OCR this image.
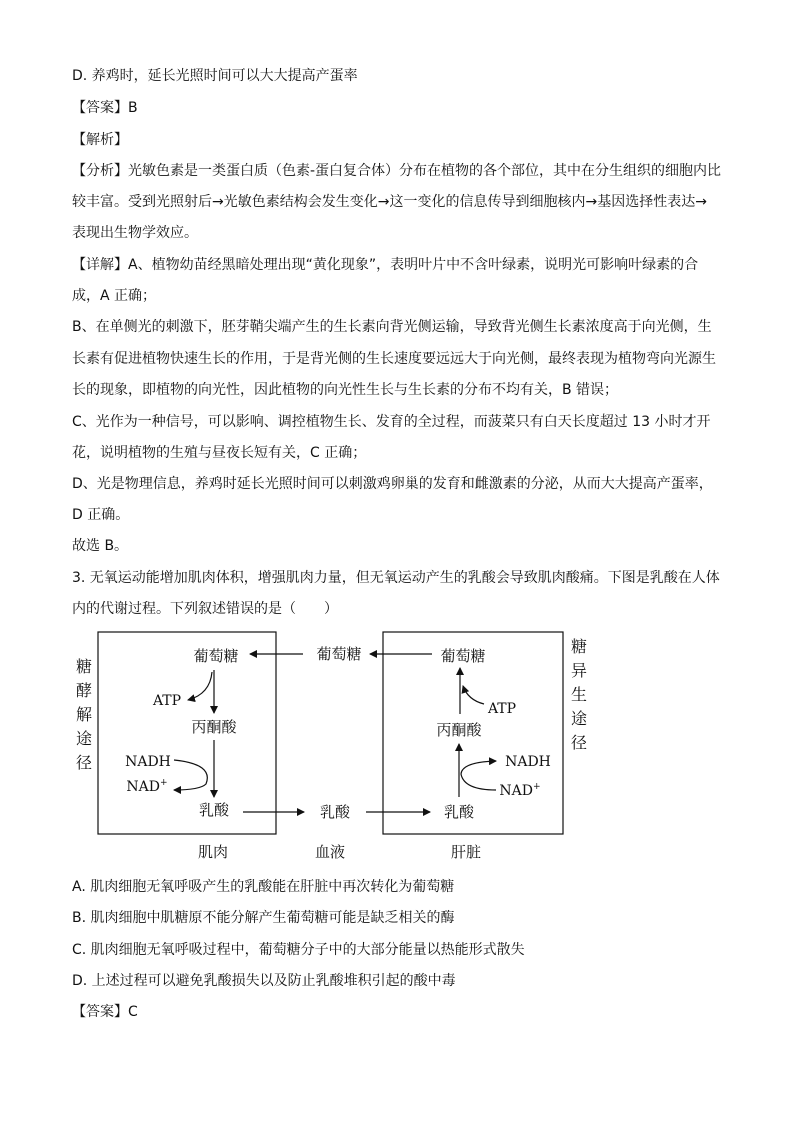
D. 养鸡时，延长光照时间可以大大提高产蛋率
【答案】B
【解析】
【分析】光敏色素是一类蛋白质（色素-蛋白复合体）分布在植物的各个部位，其中在分生组织的细胞内比
较丰富。受到光照射后→光敏色素结构会发生变化→这一变化的信息传导到细胞核内→基因选择性表达→
表现出生物学效应。
【详解】A、植物幼苗经黑暗处理出现“黄化现象”，表明叶片中不含叶绿素，说明光可影响叶绿素的合
成，A 正确；
B、在单侧光的刺激下，胚芽鞘尖端产生的生长素向背光侧运输，导致背光侧生长素浓度高于向光侧，生
长素有促进植物快速生长的作用，于是背光侧的生长速度要远远大于向光侧，最终表现为植物弯向光源生
长的现象，即植物的向光性，因此植物的向光性生长与生长素的分布不均有关，B 错误；
C、光作为一种信号，可以影响、调控植物生长、发育的全过程，而菠菜只有白天长度超过 13 小时才开
花，说明植物的生殖与昼夜长短有关，C 正确；
D、光是物理信息，养鸡时延长光照时间可以刺激鸡卵巢的发育和雌激素的分泌，从而大大提高产蛋率，
D 正确。
故选 B。
3. 无氧运动能增加肌肉体积，增强肌肉力量，但无氧运动产生的乳酸会导致肌肉酸痛。下图是乳酸在人体
内的代谢过程。下列叙述错误的是（　　）
糖
酵
解
途
径
糖
异
生
途
径
葡萄糖
ATP
丙酮酸
NADH
NAD+
乳酸
葡萄糖
乳酸
葡萄糖
ATP
丙酮酸
NADH
NAD+
乳酸
肌肉	血液	肝脏
A. 肌肉细胞无氧呼吸产生的乳酸能在肝脏中再次转化为葡萄糖
B. 肌肉细胞中肌糖原不能分解产生葡萄糖可能是缺乏相关的酶
C. 肌肉细胞无氧呼吸过程中，葡萄糖分子中的大部分能量以热能形式散失
D. 上述过程可以避免乳酸损失以及防止乳酸堆积引起的酸中毒
【答案】C
